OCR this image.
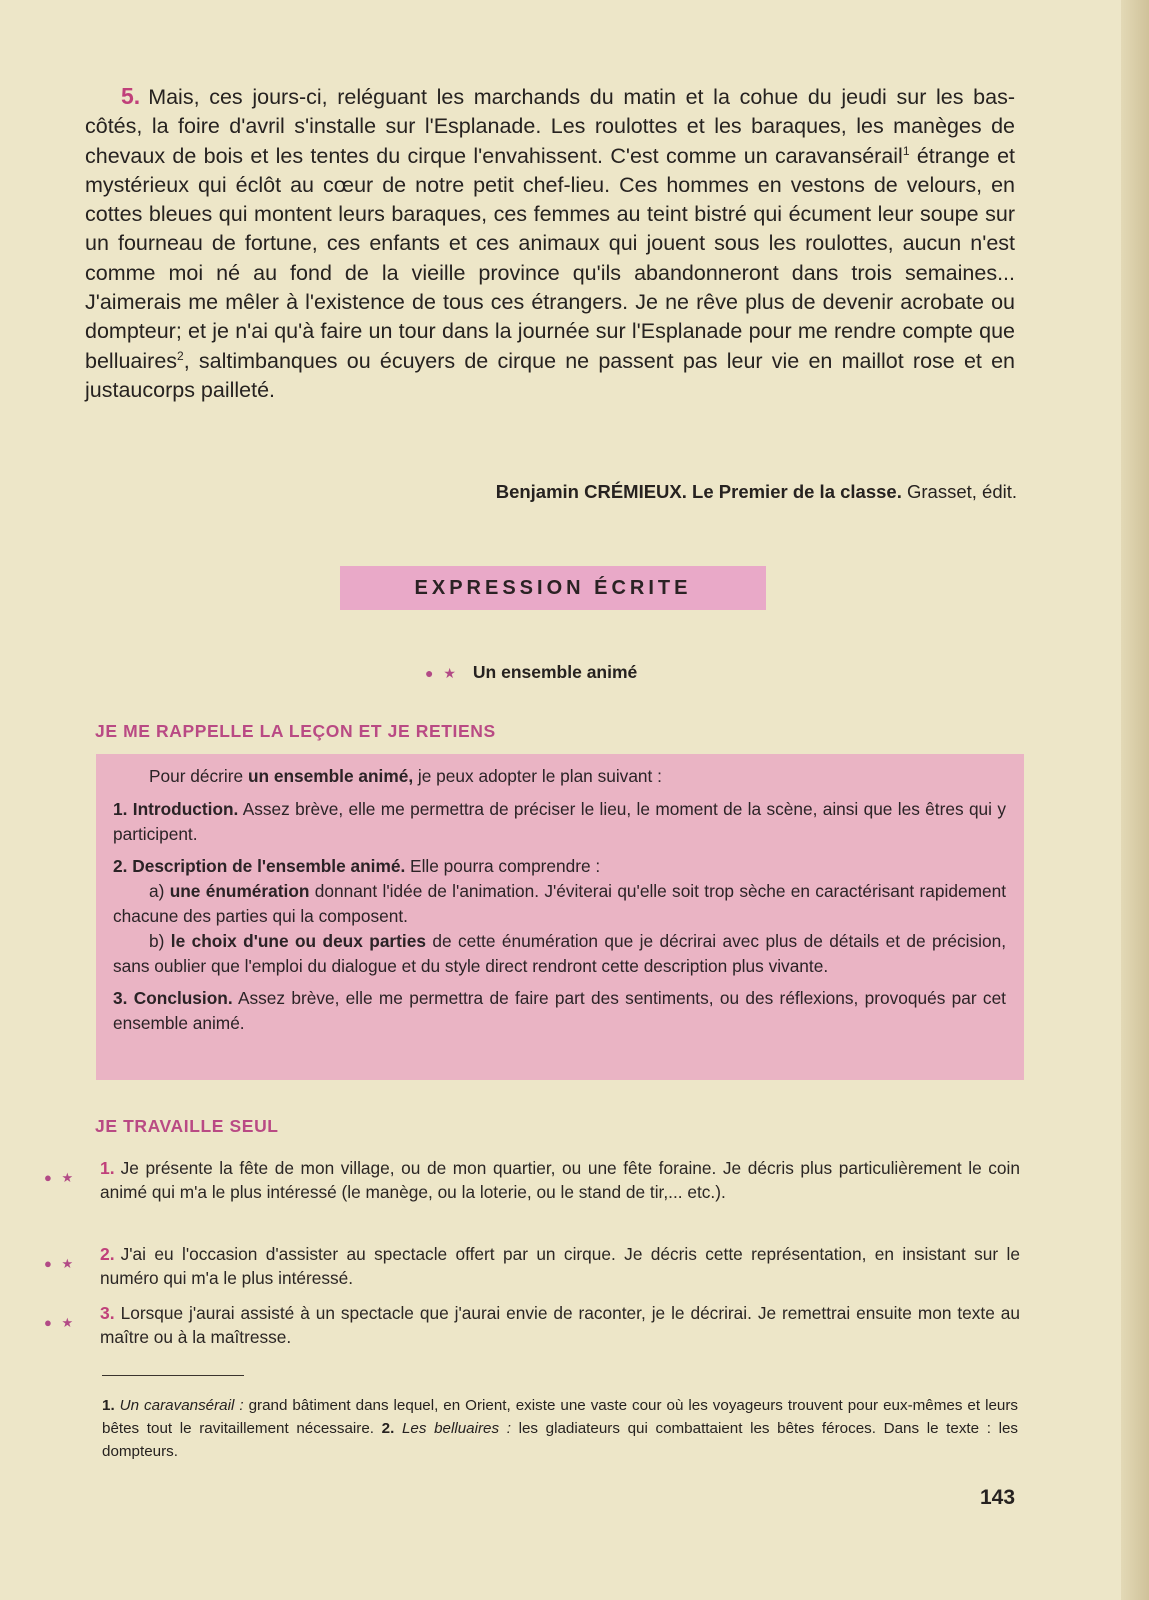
5. Mais, ces jours-ci, reléguant les marchands du matin et la cohue du jeudi sur les bas-côtés, la foire d'avril s'installe sur l'Esplanade. Les roulottes et les baraques, les manèges de chevaux de bois et les tentes du cirque l'envahissent. C'est comme un caravansérail$^1$ étrange et mystérieux qui éclôt au cœur de notre petit chef-lieu. Ces hommes en vestons de velours, en cottes bleues qui montent leurs baraques, ces femmes au teint bistré qui écument leur soupe sur un fourneau de fortune, ces enfants et ces animaux qui jouent sous les roulottes, aucun n'est comme moi né au fond de la vieille province qu'ils abandonneront dans trois semaines... J'aimerais me mêler à l'existence de tous ces étrangers. Je ne rêve plus de devenir acrobate ou dompteur; et je n'ai qu'à faire un tour dans la journée sur l'Esplanade pour me rendre compte que belluaires$^2$, saltimbanques ou écuyers de cirque ne passent pas leur vie en maillot rose et en justaucorps pailleté.

Benjamin CRÉMIEUX. Le Premier de la classe. Grasset, édit.
EXPRESSION ÉCRITE
● ★ Un ensemble animé
JE ME RAPPELLE LA LEÇON ET JE RETIENS

Pour décrire un ensemble animé, je peux adopter le plan suivant :

1. Introduction. Assez brève, elle me permettra de préciser le lieu, le moment de la scène, ainsi que les êtres qui y participent.

2. Description de l'ensemble animé. Elle pourra comprendre :

a) une énumération donnant l'idée de l'animation. J'éviterai qu'elle soit trop sèche en caractérisant rapidement chacune des parties qui la composent.

b) le choix d'une ou deux parties de cette énumération que je décrirai avec plus de détails et de précision, sans oublier que l'emploi du dialogue et du style direct rendront cette description plus vivante.

3. Conclusion. Assez brève, elle me permettra de faire part des sentiments, ou des réflexions, provoqués par cet ensemble animé.

JE TRAVAILLE SEUL
● ★ 1. Je présente la fête de mon village, ou de mon quartier, ou une fête foraine. Je décris plus particulièrement le coin animé qui m'a le plus intéressé (le manège, ou la loterie, ou le stand de tir,... etc.).
● ★ 2. J'ai eu l'occasion d'assister au spectacle offert par un cirque. Je décris cette représentation, en insistant sur le numéro qui m'a le plus intéressé.
● ★ 3. Lorsque j'aurai assisté à un spectacle que j'aurai envie de raconter, je le décrirai. Je remettrai ensuite mon texte au maître ou à la maîtresse.
1. Un caravansérail : grand bâtiment dans lequel, en Orient, existe une vaste cour où les voyageurs trouvent pour eux-mêmes et leurs bêtes tout le ravitaillement nécessaire. 2. Les belluaires : les gladiateurs qui combattaient les bêtes féroces. Dans le texte : les dompteurs.
143
